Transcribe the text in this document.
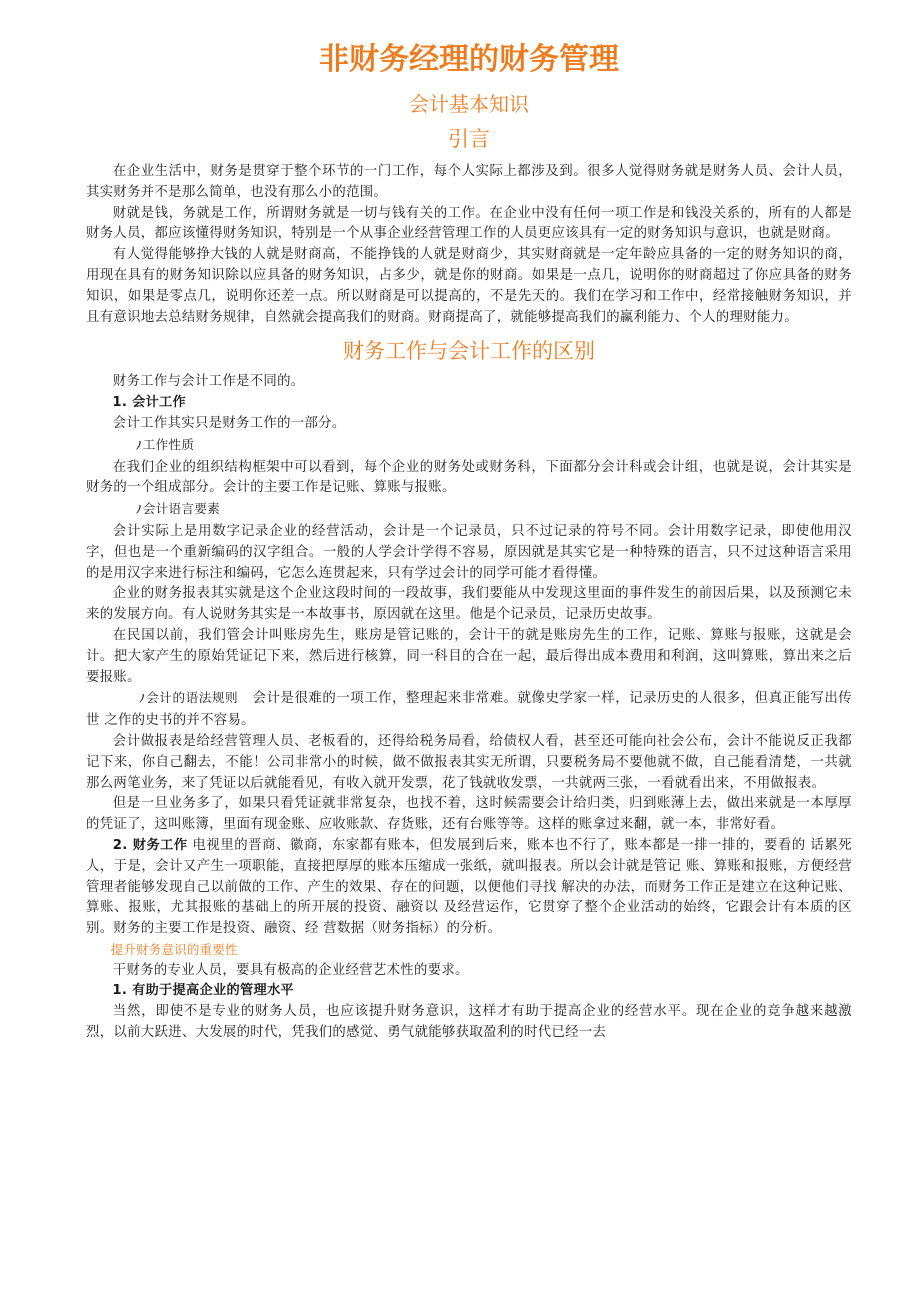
非财务经理的财务管理
会计基本知识
引言

在企业生活中，财务是贯穿于整个环节的一门工作，每个人实际上都涉及到。很多人觉得财务就是财务人员、会计人员，其实财务并不是那么简单，也没有那么小的范围。

财就是钱，务就是工作，所谓财务就是一切与钱有关的工作。在企业中没有任何一项工作是和钱没关系的，所有的人都是财务人员，都应该懂得财务知识，特别是一个从事企业经营管理工作的人员更应该具有一定的财务知识与意识，也就是财商。

有人觉得能够挣大钱的人就是财商高，不能挣钱的人就是财商少，其实财商就是一定年龄应具备的一定的财务知识的商，用现在具有的财务知识除以应具备的财务知识，占多少，就是你的财商。如果是一点几，说明你的财商超过了你应具备的财务知识，如果是零点几，说明你还差一点。所以财商是可以提高的，不是先天的。我们在学习和工作中，经常接触财务知识，并且有意识地去总结财务规律，自然就会提高我们的财商。财商提高了，就能够提高我们的赢利能力、个人的理财能力。

财务工作与会计工作的区别

财务工作与会计工作是不同的。

1. 会计工作

会计工作其实只是财务工作的一部分。

ﾉ工作性质

在我们企业的组织结构框架中可以看到，每个企业的财务处或财务科，下面都分会计科或会计组，也就是说，会计其实是财务的一个组成部分。会计的主要工作是记账、算账与报账。

ﾉ会计语言要素

会计实际上是用数字记录企业的经营活动，会计是一个记录员，只不过记录的符号不同。会计用数字记录，即使他用汉字，但也是一个重新编码的汉字组合。一般的人学会计学得不容易，原因就是其实它是一种特殊的语言，只不过这种语言采用的是用汉字来进行标注和编码，它怎么连贯起来，只有学过会计的同学可能才看得懂。

企业的财务报表其实就是这个企业这段时间的一段故事，我们要能从中发现这里面的事件发生的前因后果，以及预测它未来的发展方向。有人说财务其实是一本故事书，原因就在这里。他是个记录员，记录历史故事。

在民国以前，我们管会计叫账房先生，账房是管记账的，会计干的就是账房先生的工作，记账、算账与报账，这就是会计。把大家产生的原始凭证记下来，然后进行核算，同一科目的合在一起，最后得出成本费用和利润，这叫算账，算出来之后要报账。

ﾉ会计的语法规则 会计是很难的一项工作，整理起来非常难。就像史学家一样，记录历史的人很多，但真正能写出传世 之作的史书的并不容易。

会计做报表是给经营管理人员、老板看的，还得给税务局看，给债权人看，甚至还可能向社会公布，会计不能说反正我都记下来，你自己翻去，不能！公司非常小的时候，做不做报表其实无所谓，只要税务局不要他就不做，自己能看清楚，一共就那么两笔业务，来了凭证以后就能看见，有收入就开发票，花了钱就收发票，一共就两三张，一看就看出来，不用做报表。

但是一旦业务多了，如果只看凭证就非常复杂，也找不着，这时候需要会计给归类，归到账薄上去，做出来就是一本厚厚的凭证了，这叫账簿，里面有现金账、应收账款、存货账，还有台账等等。这样的账拿过来翻，就一本，非常好看。

2. 财务工作 电视里的晋商、徽商，东家都有账本，但发展到后来，账本也不行了，账本都是一排一排的，要看的 话累死人，于是，会计又产生一项职能，直接把厚厚的账本压缩成一张纸，就叫报表。所以会计就是管记 账、算账和报账，方便经营管理者能够发现自己以前做的工作、产生的效果、存在的问题，以便他们寻找 解决的办法，而财务工作正是建立在这种记账、算账、报账，尤其报账的基础上的所开展的投资、融资以 及经营运作，它贯穿了整个企业活动的始终，它跟会计有本质的区别。财务的主要工作是投资、融资、经 营数据（财务指标）的分析。

提升财务意识的重要性

干财务的专业人员，要具有极高的企业经营艺术性的要求。

1. 有助于提高企业的管理水平

当然，即使不是专业的财务人员，也应该提升财务意识，这样才有助于提高企业的经营水平。现在企业的竞争越来越激烈，以前大跃进、大发展的时代，凭我们的感觉、勇气就能够获取盈利的时代已经一去
